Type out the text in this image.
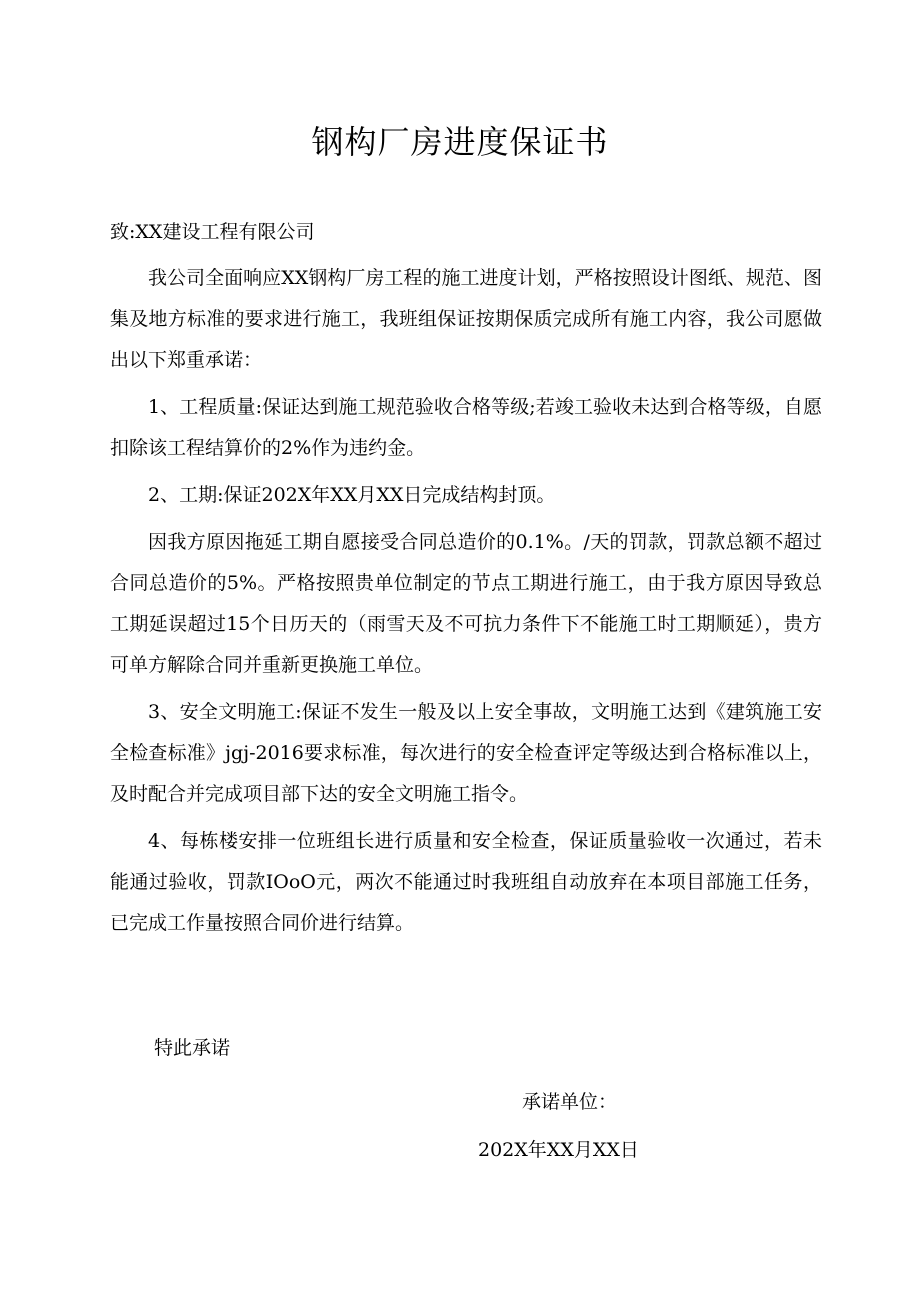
钢构厂房进度保证书

致:XX建设工程有限公司

我公司全面响应XX钢构厂房工程的施工进度计划，严格按照设计图纸、规范、图集及地方标准的要求进行施工，我班组保证按期保质完成所有施工内容，我公司愿做出以下郑重承诺：

1、工程质量:保证达到施工规范验收合格等级;若竣工验收未达到合格等级，自愿扣除该工程结算价的2%作为违约金。

2、工期:保证202X年XX月XX日完成结构封顶。

因我方原因拖延工期自愿接受合同总造价的0.1%。/天的罚款，罚款总额不超过合同总造价的5%。严格按照贵单位制定的节点工期进行施工，由于我方原因导致总工期延误超过15个日历天的（雨雪天及不可抗力条件下不能施工时工期顺延），贵方可单方解除合同并重新更换施工单位。

3、安全文明施工:保证不发生一般及以上安全事故，文明施工达到《建筑施工安全检查标准》jgj-2016要求标准，每次进行的安全检查评定等级达到合格标准以上，及时配合并完成项目部下达的安全文明施工指令。

4、每栋楼安排一位班组长进行质量和安全检查，保证质量验收一次通过，若未能通过验收，罚款IOoO元，两次不能通过时我班组自动放弃在本项目部施工任务，已完成工作量按照合同价进行结算。

特此承诺

承诺单位：

202X年XX月XX日
